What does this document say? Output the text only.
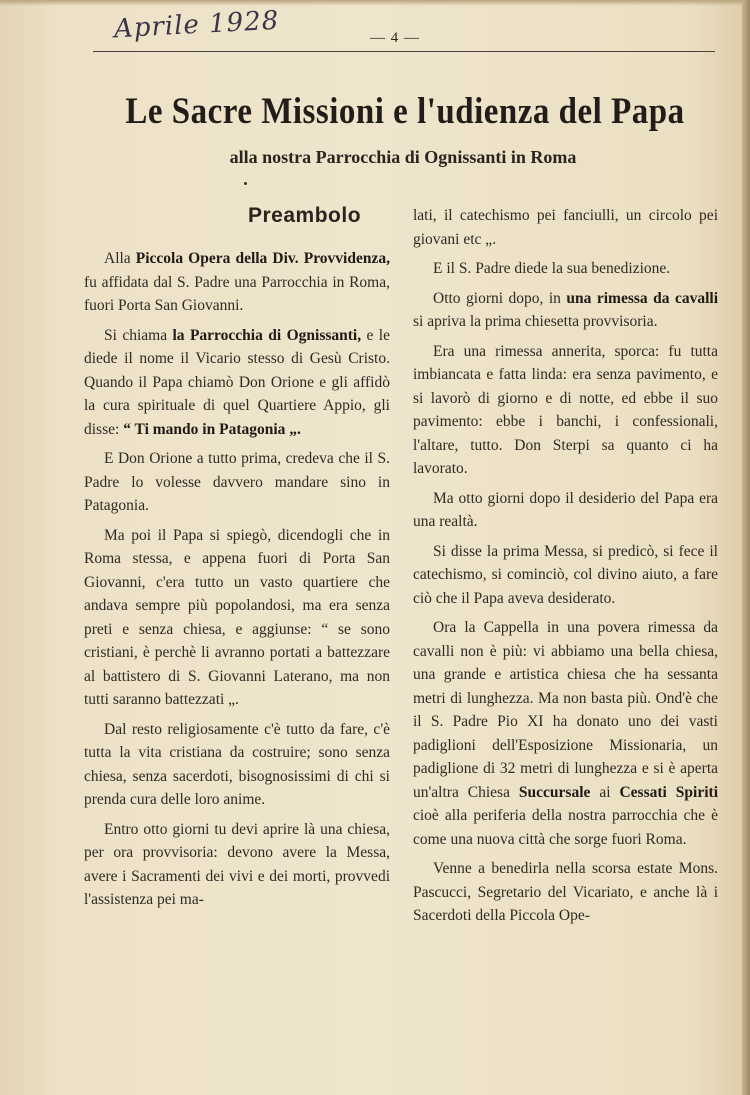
Aprile 1928	— 4 —
Le Sacre Missioni e l'udienza del Papa
alla nostra Parrocchia di Ognissanti in Roma
Preambolo

Alla Piccola Opera della Div. Provvidenza, fu affidata dal S. Padre una Parrocchia in Roma, fuori Porta San Giovanni.

Si chiama la Parrocchia di Ognissanti, e le diede il nome il Vicario stesso di Gesù Cristo. Quando il Papa chiamò Don Orione e gli affidò la cura spirituale di quel Quartiere Appio, gli disse: “ Ti mando in Patagonia „.

E Don Orione a tutto prima, credeva che il S. Padre lo volesse davvero mandare sino in Patagonia.

Ma poi il Papa si spiegò, dicendogli che in Roma stessa, e appena fuori di Porta San Giovanni, c'era tutto un vasto quartiere che andava sempre più popolandosi, ma era senza preti e senza chiesa, e aggiunse: “ se sono cristiani, è perchè li avranno portati a battezzare al battistero di S. Giovanni Laterano, ma non tutti saranno battezzati „.

Dal resto religiosamente c'è tutto da fare, c'è tutta la vita cristiana da costruire; sono senza chiesa, senza sacerdoti, bisognosissimi di chi si prenda cura delle loro anime.

Entro otto giorni tu devi aprire là una chiesa, per ora provvisoria: devono avere la Messa, avere i Sacramenti dei vivi e dei morti, provvedi l'assistenza pei ma-

lati, il catechismo pei fanciulli, un circolo pei giovani etc „.

E il S. Padre diede la sua benedizione.

Otto giorni dopo, in una rimessa da cavalli si apriva la prima chiesetta provvisoria.

Era una rimessa annerita, sporca: fu tutta imbiancata e fatta linda: era senza pavimento, e si lavorò di giorno e di notte, ed ebbe il suo pavimento: ebbe i banchi, i confessionali, l'altare, tutto. Don Sterpi sa quanto ci ha lavorato.

Ma otto giorni dopo il desiderio del Papa era una realtà.

Si disse la prima Messa, si predicò, si fece il catechismo, si cominciò, col divino aiuto, a fare ciò che il Papa aveva desiderato.

Ora la Cappella in una povera rimessa da cavalli non è più: vi abbiamo una bella chiesa, una grande e artistica chiesa che ha sessanta metri di lunghezza. Ma non basta più. Ond'è che il S. Padre Pio XI ha donato uno dei vasti padiglioni dell'Esposizione Missionaria, un padiglione di 32 metri di lunghezza e si è aperta un'altra Chiesa Succursale ai Cessati Spiriti cioè alla periferia della nostra parrocchia che è come una nuova città che sorge fuori Roma.

Venne a benedirla nella scorsa estate Mons. Pascucci, Segretario del Vicariato, e anche là i Sacerdoti della Piccola Ope-
